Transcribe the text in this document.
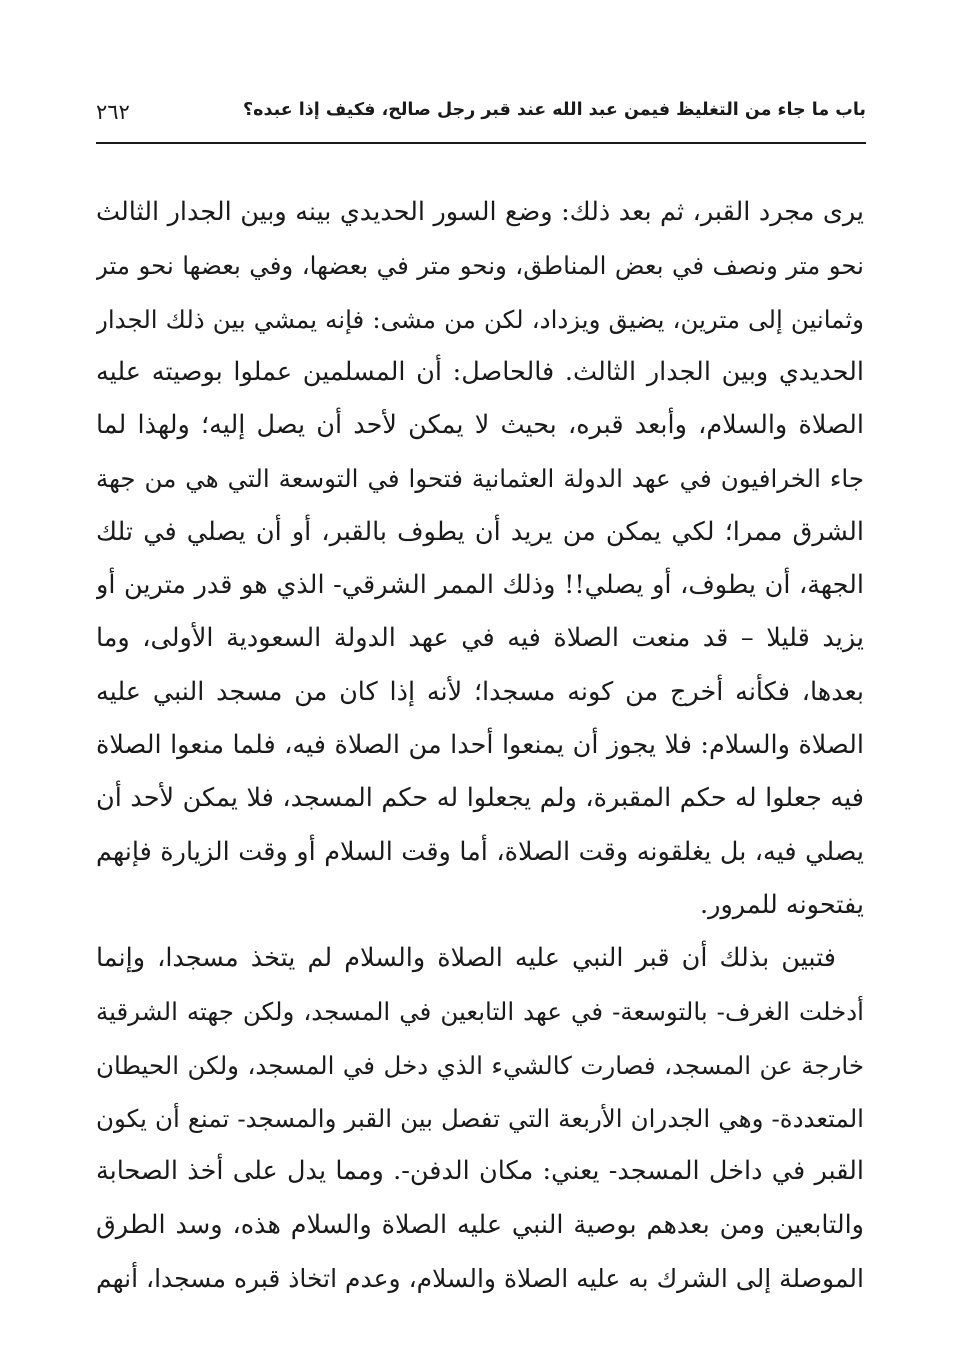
باب ما جاء من التغليظ فيمن عبد الله عند قبر رجل صالح، فكيف إذا عبده؟
٢٦٢
يرى مجرد القبر، ثم بعد ذلك: وضع السور الحديدي بينه وبين الجدار الثالث
نحو متر ونصف في بعض المناطق، ونحو متر في بعضها، وفي بعضها نحو متر
وثمانين إلى مترين، يضيق ويزداد، لكن من مشى: فإنه يمشي بين ذلك الجدار
الحديدي وبين الجدار الثالث. فالحاصل: أن المسلمين عملوا بوصيته عليه
الصلاة والسلام، وأبعد قبره، بحيث لا يمكن لأحد أن يصل إليه؛ ولهذا لما
جاء الخرافيون في عهد الدولة العثمانية فتحوا في التوسعة التي هي من جهة
الشرق ممرا؛ لكي يمكن من يريد أن يطوف بالقبر، أو أن يصلي في تلك
الجهة، أن يطوف، أو يصلي!! وذلك الممر الشرقي- الذي هو قدر مترين أو
يزيد قليلا – قد منعت الصلاة فيه في عهد الدولة السعودية الأولى، وما
بعدها، فكأنه أخرج من كونه مسجدا؛ لأنه إذا كان من مسجد النبي عليه
الصلاة والسلام: فلا يجوز أن يمنعوا أحدا من الصلاة فيه، فلما منعوا الصلاة
فيه جعلوا له حكم المقبرة، ولم يجعلوا له حكم المسجد، فلا يمكن لأحد أن
يصلي فيه، بل يغلقونه وقت الصلاة، أما وقت السلام أو وقت الزيارة فإنهم
يفتحونه للمرور.
فتبين بذلك أن قبر النبي عليه الصلاة والسلام لم يتخذ مسجدا، وإنما
أدخلت الغرف- بالتوسعة- في عهد التابعين في المسجد، ولكن جهته الشرقية
خارجة عن المسجد، فصارت كالشيء الذي دخل في المسجد، ولكن الحيطان
المتعددة- وهي الجدران الأربعة التي تفصل بين القبر والمسجد- تمنع أن يكون
القبر في داخل المسجد- يعني: مكان الدفن-. ومما يدل على أخذ الصحابة
والتابعين ومن بعدهم بوصية النبي عليه الصلاة والسلام هذه، وسد الطرق
الموصلة إلى الشرك به عليه الصلاة والسلام، وعدم اتخاذ قبره مسجدا، أنهم
